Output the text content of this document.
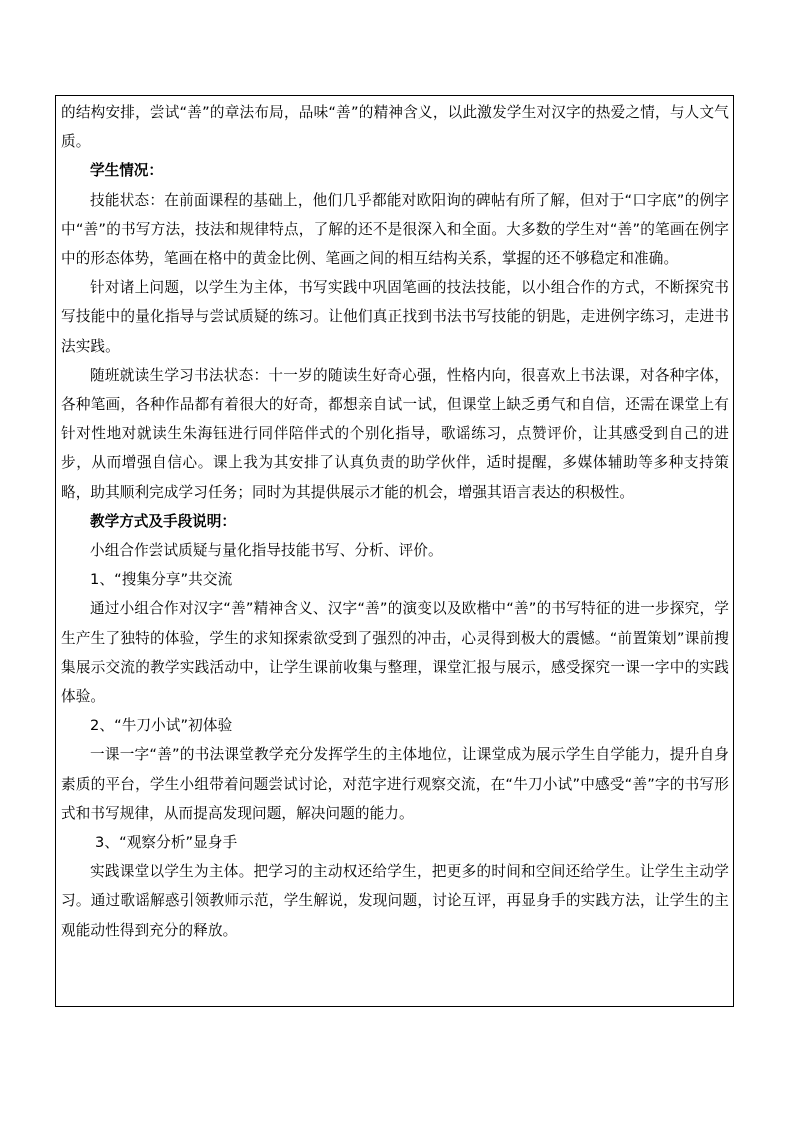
的结构安排，尝试“善”的章法布局，品味“善”的精神含义，以此激发学生对汉字的热爱之情，与人文气质。

学生情况：

技能状态：在前面课程的基础上，他们几乎都能对欧阳询的碑帖有所了解，但对于“口字底”的例字中“善”的书写方法，技法和规律特点，了解的还不是很深入和全面。大多数的学生对“善”的笔画在例字中的形态体势，笔画在格中的黄金比例、笔画之间的相互结构关系，掌握的还不够稳定和准确。

针对诸上问题，以学生为主体，书写实践中巩固笔画的技法技能，以小组合作的方式，不断探究书写技能中的量化指导与尝试质疑的练习。让他们真正找到书法书写技能的钥匙，走进例字练习，走进书法实践。

随班就读生学习书法状态：十一岁的随读生好奇心强，性格内向，很喜欢上书法课，对各种字体，各种笔画，各种作品都有着很大的好奇，都想亲自试一试，但课堂上缺乏勇气和自信，还需在课堂上有针对性地对就读生朱海钰进行同伴陪伴式的个别化指导，歌谣练习，点赞评价，让其感受到自己的进步，从而增强自信心。课上我为其安排了认真负责的助学伙伴，适时提醒，多媒体辅助等多种支持策略，助其顺利完成学习任务；同时为其提供展示才能的机会，增强其语言表达的积极性。

教学方式及手段说明：

小组合作尝试质疑与量化指导技能书写、分析、评价。

1、“搜集分享”共交流

通过小组合作对汉字“善”精神含义、汉字“善”的演变以及欧楷中“善”的书写特征的进一步探究，学生产生了独特的体验，学生的求知探索欲受到了强烈的冲击，心灵得到极大的震憾。“前置策划”课前搜集展示交流的教学实践活动中，让学生课前收集与整理，课堂汇报与展示，感受探究一课一字中的实践体验。

2、“牛刀小试”初体验

一课一字“善”的书法课堂教学充分发挥学生的主体地位，让课堂成为展示学生自学能力，提升自身素质的平台，学生小组带着问题尝试讨论，对范字进行观察交流，在“牛刀小试”中感受“善”字的书写形式和书写规律，从而提高发现问题，解决问题的能力。

3、“观察分析”显身手

实践课堂以学生为主体。把学习的主动权还给学生，把更多的时间和空间还给学生。让学生主动学习。通过歌谣解惑引领教师示范，学生解说，发现问题，讨论互评，再显身手的实践方法，让学生的主观能动性得到充分的释放。
